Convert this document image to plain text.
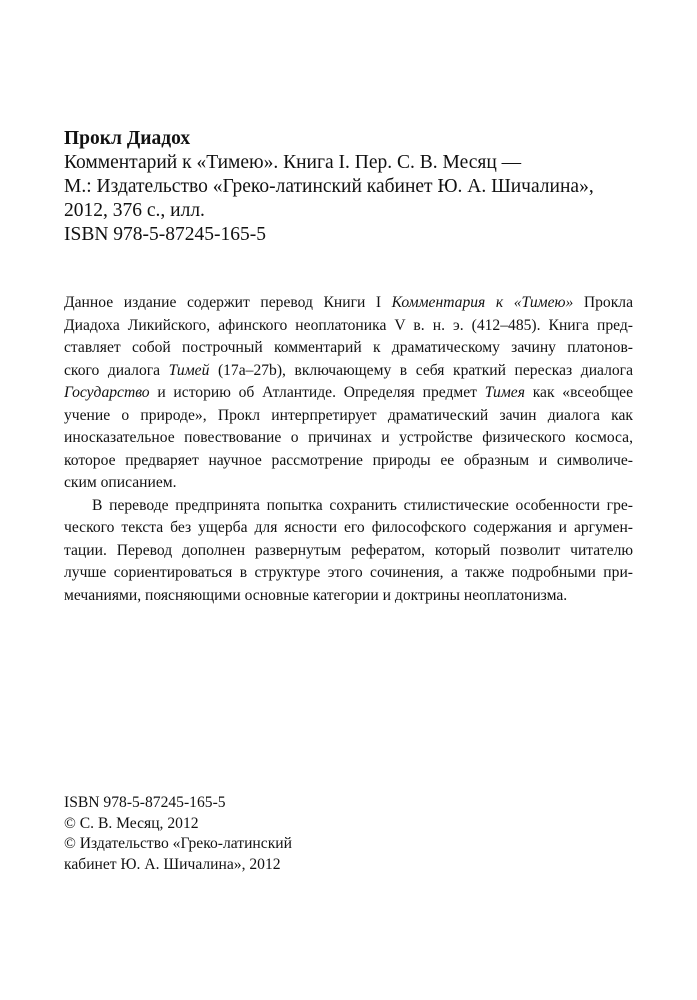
Прокл Диадох
Комментарий к «Тимею». Книга I. Пер. С. В. Месяц —
М.: Издательство «Греко-латинский кабинет Ю. А. Шичалина»,
2012, 376 с., илл.
ISBN 978-5-87245-165-5
Данное издание содержит перевод Книги I Комментария к «Тимею» Прокла
Диадоха Ликийского, афинского неоплатоника V в. н. э. (412–485). Книга пред-
ставляет собой построчный комментарий к драматическому зачину платонов-
ского диалога Тимей (17a–27b), включающему в себя краткий пересказ диалога
Государство и историю об Атлантиде. Определяя предмет Тимея как «всеобщее
учение о природе», Прокл интерпретирует драматический зачин диалога как
иносказательное повествование о причинах и устройстве физического космоса,
которое предваряет научное рассмотрение природы ее образным и символиче-
ским описанием.
В переводе предпринята попытка сохранить стилистические особенности гре-
ческого текста без ущерба для ясности его философского содержания и аргумен-
тации. Перевод дополнен развернутым рефератом, который позволит читателю
лучше сориентироваться в структуре этого сочинения, а также подробными при-
мечаниями, поясняющими основные категории и доктрины неоплатонизма.
ISBN 978-5-87245-165-5
© С. В. Месяц, 2012
© Издательство «Греко-латинский
кабинет Ю. А. Шичалина», 2012
